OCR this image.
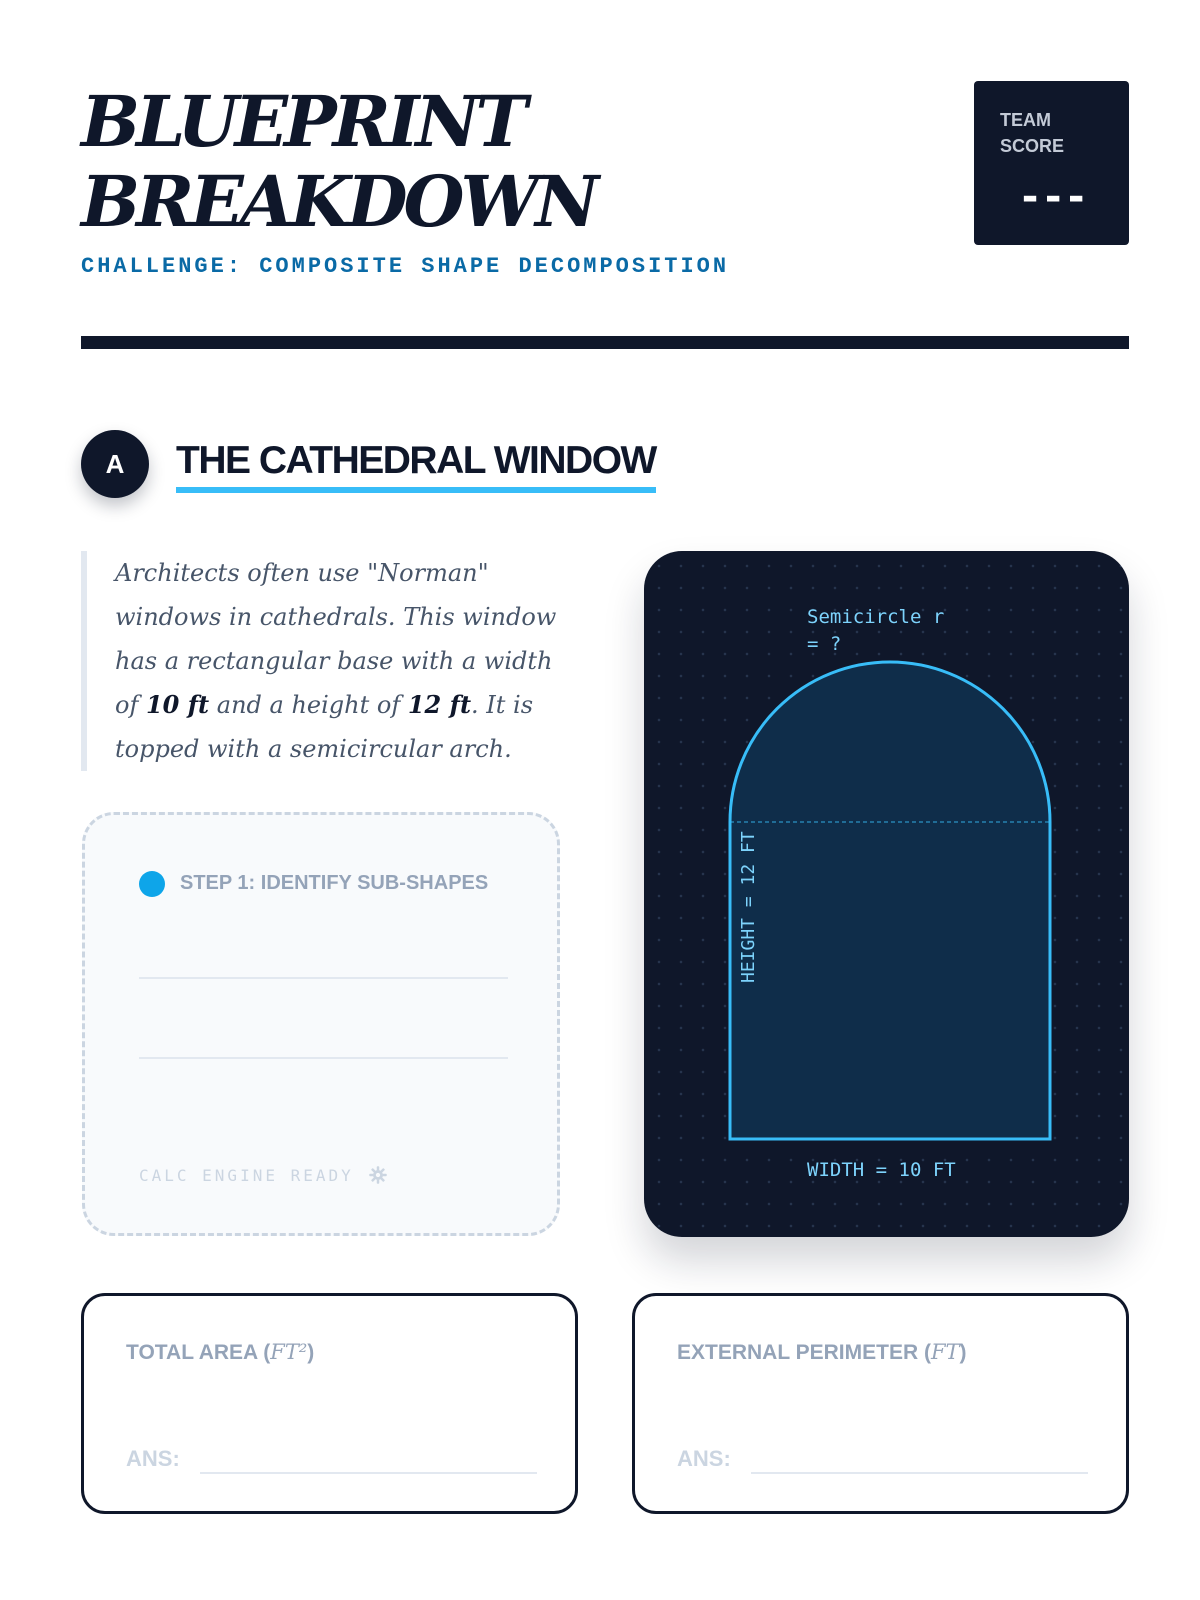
BLUEPRINT
BREAKDOWN
CHALLENGE: COMPOSITE SHAPE DECOMPOSITION
TEAM SCORE
---
A	THE CATHEDRAL WINDOW
Architects often use "Norman" windows in cathedrals. This window has a rectangular base with a width of 10 ft and a height of 12 ft. It is topped with a semicircular arch.
STEP 1: IDENTIFY SUB-SHAPES
CALC ENGINE READY
Semicircle r
= ?
HEIGHT = 12 FT
WIDTH = 10 FT
TOTAL AREA (FT²)
ANS:
EXTERNAL PERIMETER (FT)
ANS:
